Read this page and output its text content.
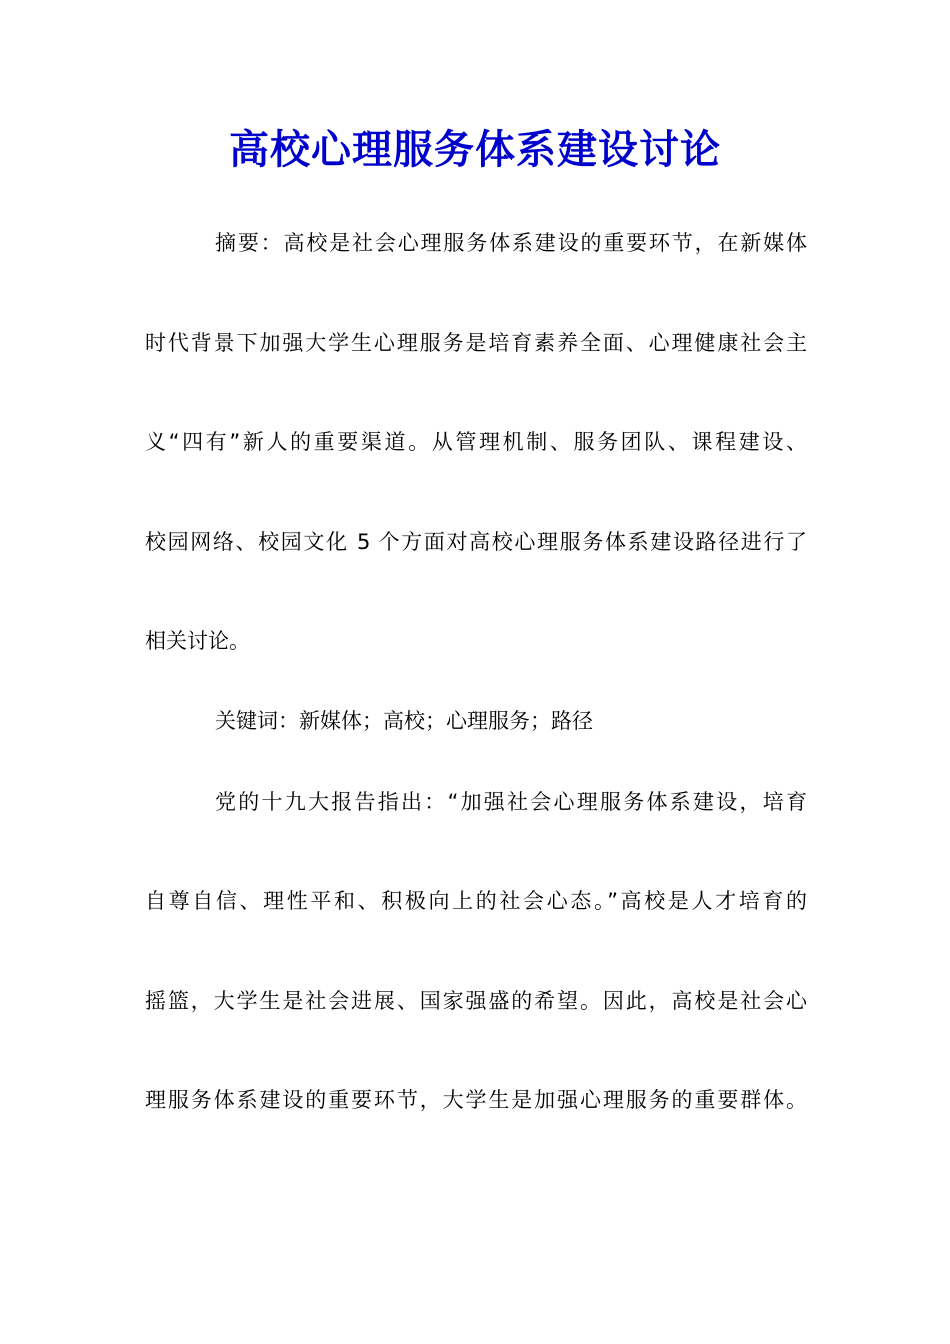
高校心理服务体系建设讨论
摘要：高校是社会心理服务体系建设的重要环节，在新媒体
时代背景下加强大学生心理服务是培育素养全面、心理健康社会主
义“四有”新人的重要渠道。从管理机制、服务团队、课程建设、
校园网络、校园文化 5 个方面对高校心理服务体系建设路径进行了
相关讨论。
关键词：新媒体；高校；心理服务；路径
党的十九大报告指出：“加强社会心理服务体系建设，培育
自尊自信、理性平和、积极向上的社会心态。”高校是人才培育的
摇篮，大学生是社会进展、国家强盛的希望。因此，高校是社会心
理服务体系建设的重要环节，大学生是加强心理服务的重要群体。
